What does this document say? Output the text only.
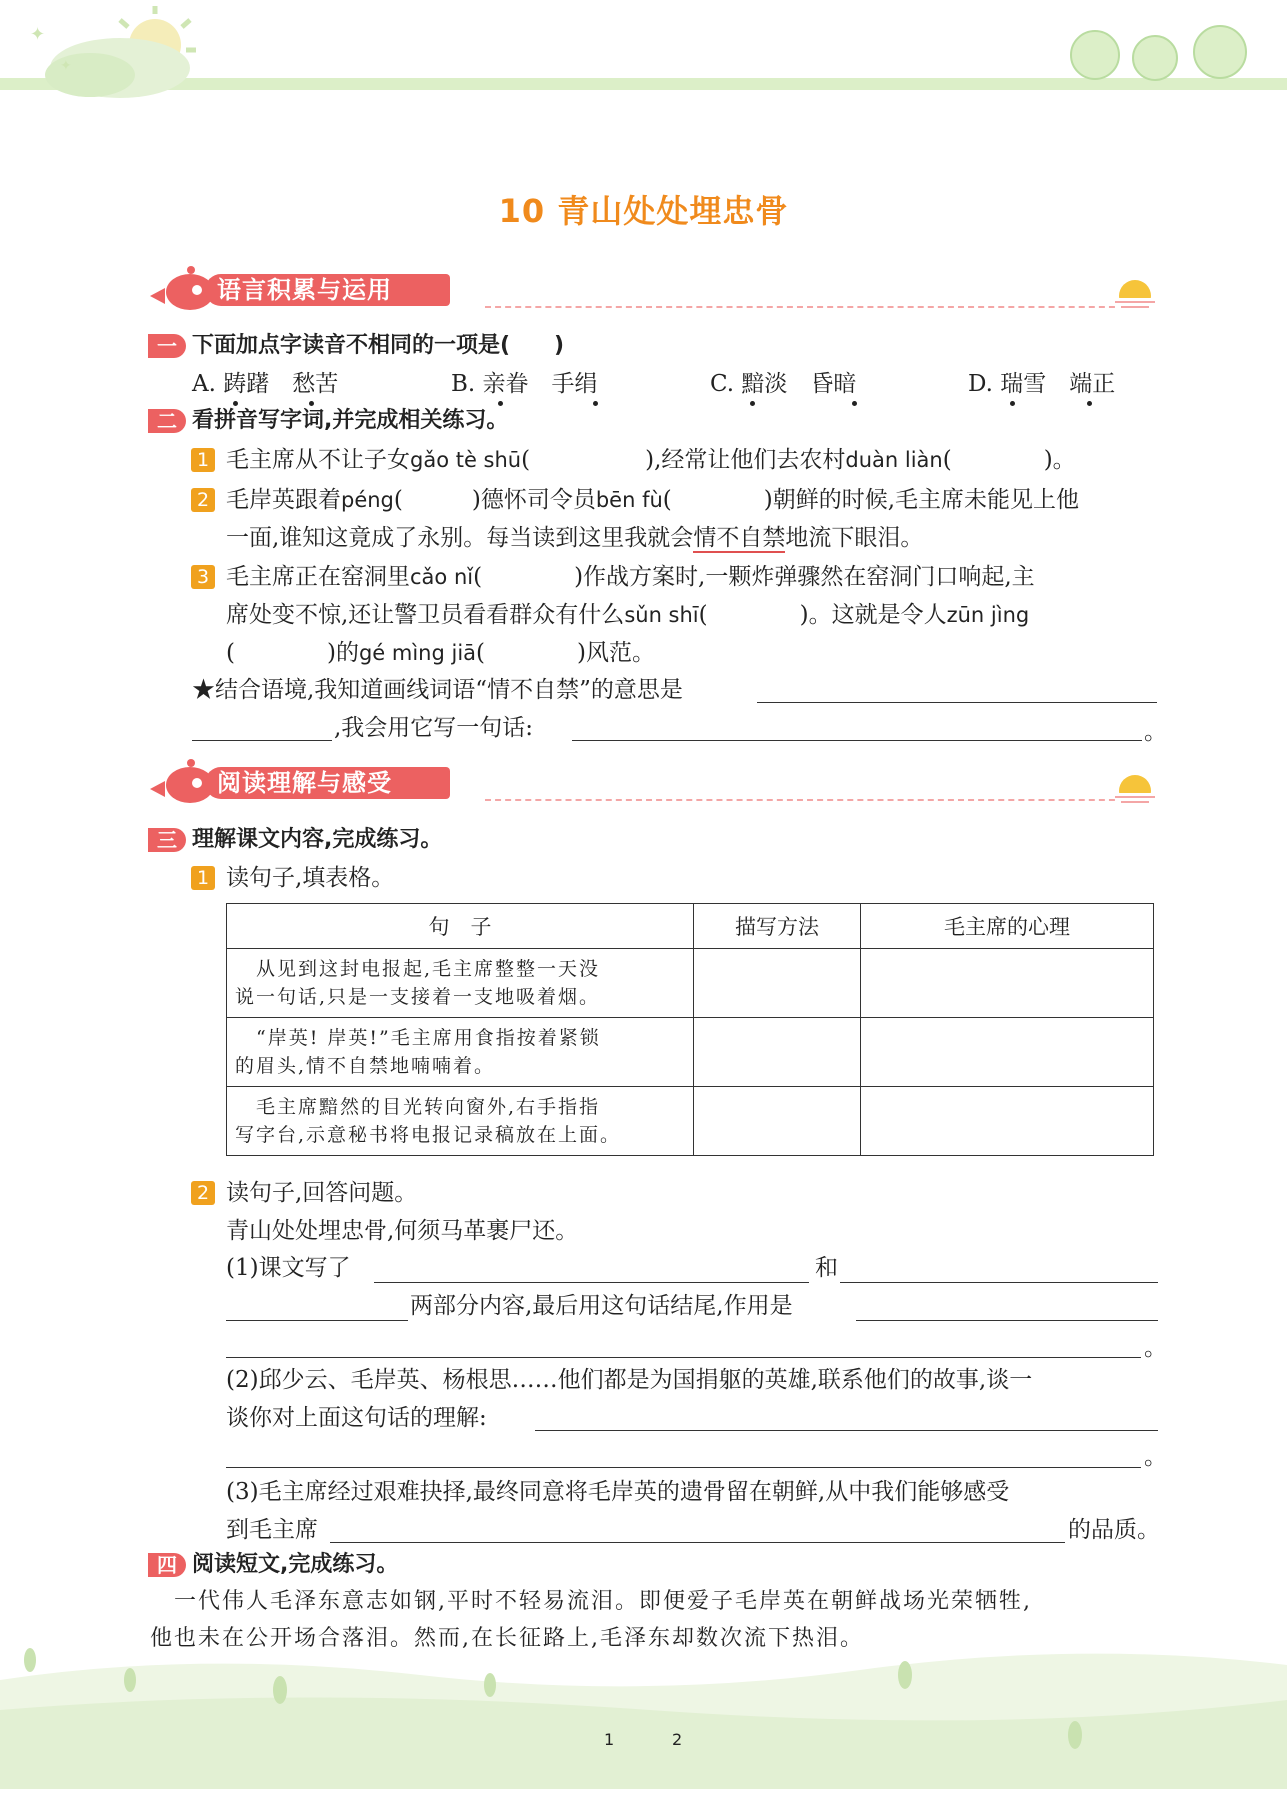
✦
✦
10 青山处处埋忠骨
语言积累与运用
一 下面加点字读音不相同的一项是(　　)
A. 踌躇　愁苦	B. 亲眷　手绢	C. 黯淡　昏暗	D. 瑞雪　端正
二 看拼音写字词,并完成相关练习。
1 毛主席从不让子女gǎo tè shū(　　　　　),经常让他们去农村duàn liàn(　　　　)。
2 毛岸英跟着péng(　　　)德怀司令员bēn fù(　　　　)朝鲜的时候,毛主席未能见上他
一面,谁知这竟成了永别。每当读到这里我就会情不自禁地流下眼泪。
3 毛主席正在窑洞里cǎo nǐ(　　　　)作战方案时,一颗炸弹骤然在窑洞门口响起,主
席处变不惊,还让警卫员看看群众有什么sǔn shī(　　　　)。这就是令人zūn jìng
(　　　　)的gé mìng jiā(　　　　)风范。
★结合语境,我知道画线词语“情不自禁”的意思是
,我会用它写一句话:	。
阅读理解与感受
三 理解课文内容,完成练习。
1 读句子,填表格。
句　子	描写方法	毛主席的心理

　从见到这封电报起,毛主席整整一天没
说一句话,只是一支接着一支地吸着烟。		

　“岸英! 岸英!”毛主席用食指按着紧锁
的眉头,情不自禁地喃喃着。		

　毛主席黯然的目光转向窗外,右手指指
写字台,示意秘书将电报记录稿放在上面。		

2 读句子,回答问题。
青山处处埋忠骨,何须马革裹尸还。
(1)课文写了	和
两部分内容,最后用这句话结尾,作用是
。
(2)邱少云、毛岸英、杨根思……他们都是为国捐躯的英雄,联系他们的故事,谈一
谈你对上面这句话的理解:
。
(3)毛主席经过艰难抉择,最终同意将毛岸英的遗骨留在朝鲜,从中我们能够感受
到毛主席	的品质。
四 阅读短文,完成练习。
　一代伟人毛泽东意志如钢,平时不轻易流泪。即便爱子毛岸英在朝鲜战场光荣牺牲,
他也未在公开场合落泪。然而,在长征路上,毛泽东却数次流下热泪。
1	2
